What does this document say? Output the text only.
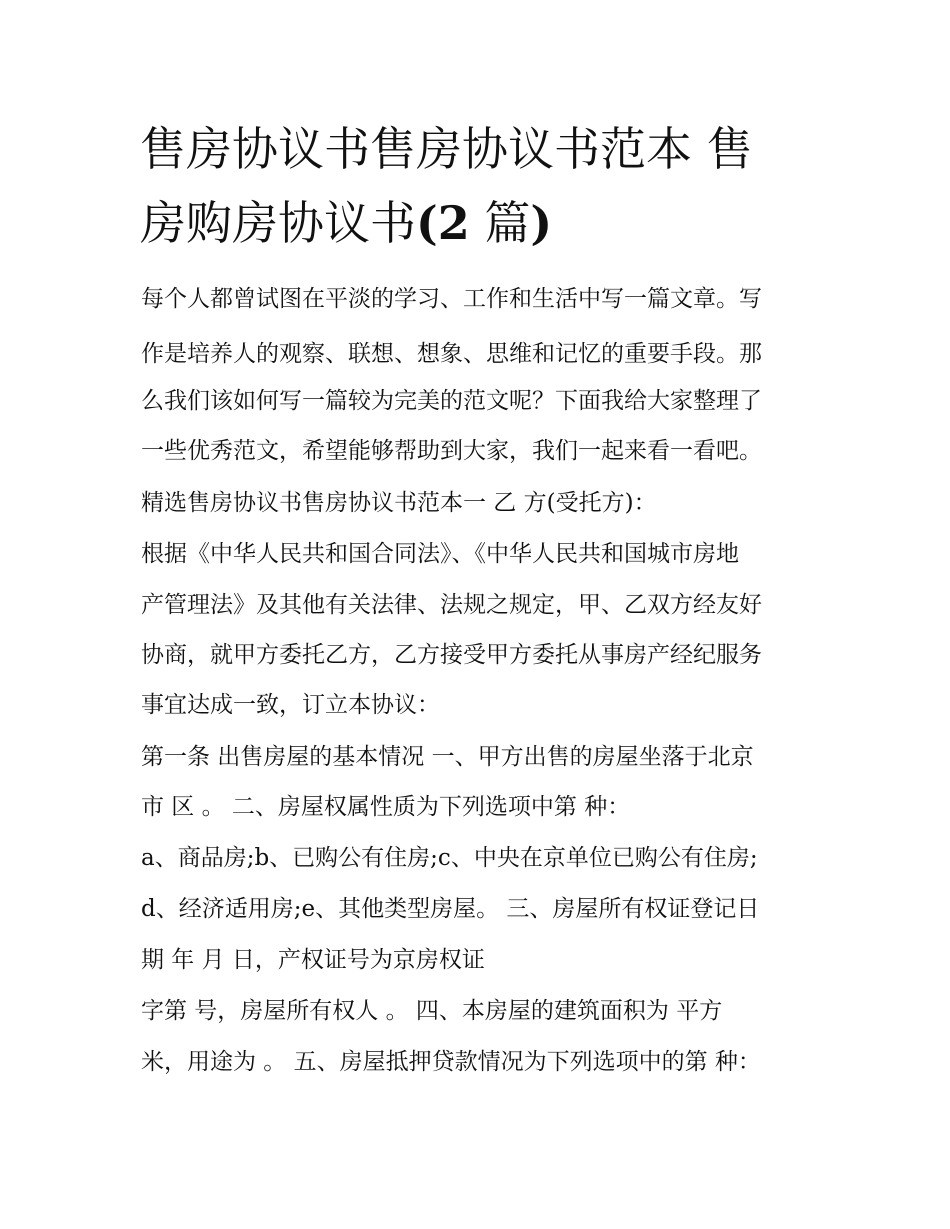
售房协议书售房协议书范本 售
房购房协议书(2 篇)

每个人都曾试图在平淡的学习、工作和生活中写一篇文章。写

作是培养人的观察、联想、想象、思维和记忆的重要手段。那

么我们该如何写一篇较为完美的范文呢？下面我给大家整理了

一些优秀范文，希望能够帮助到大家，我们一起来看一看吧。

精选售房协议书售房协议书范本一 乙 方(受托方)：

根据《中华人民共和国合同法》、《中华人民共和国城市房地

产管理法》及其他有关法律、法规之规定，甲、乙双方经友好

协商，就甲方委托乙方，乙方接受甲方委托从事房产经纪服务

事宜达成一致，订立本协议：

第一条 出售房屋的基本情况 一、甲方出售的房屋坐落于北京

市 区 。 二、房屋权属性质为下列选项中第 种：

a、商品房;b、已购公有住房;c、中央在京单位已购公有住房;

d、经济适用房;e、其他类型房屋。 三、房屋所有权证登记日

期 年 月 日，产权证号为京房权证

字第 号，房屋所有权人 。 四、本房屋的建筑面积为 平方

米，用途为 。 五、房屋抵押贷款情况为下列选项中的第 种：
